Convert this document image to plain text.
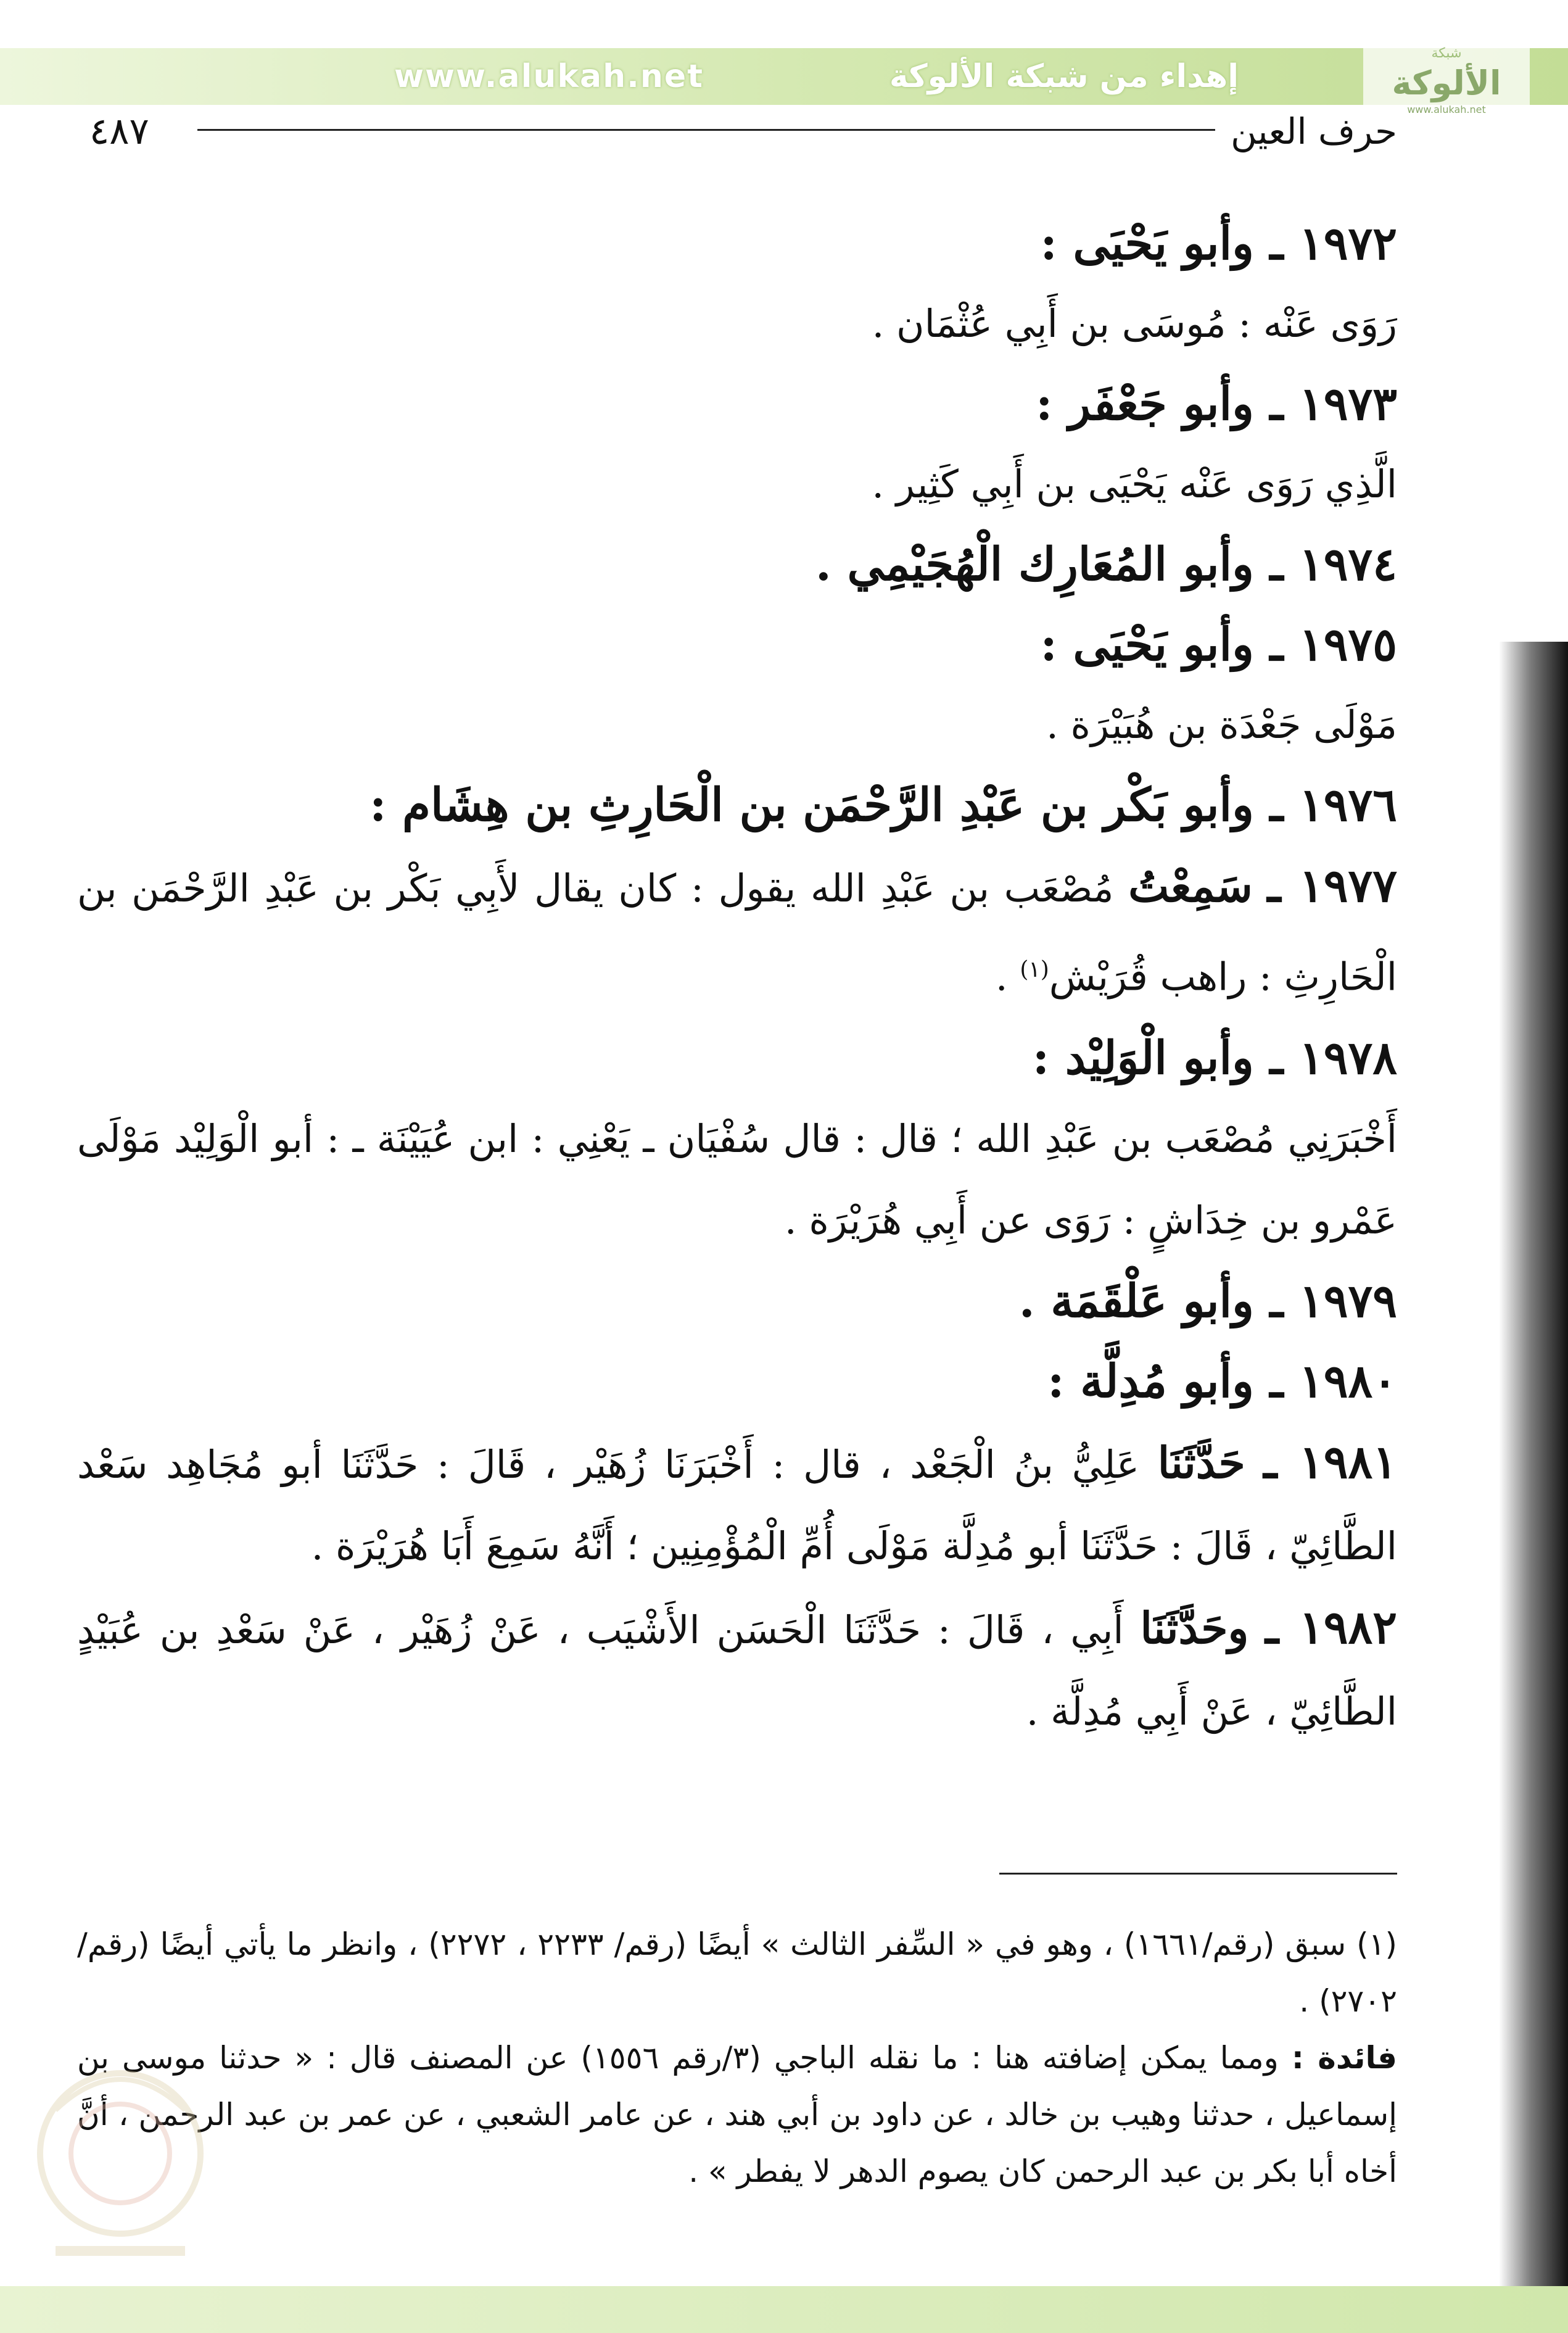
www.alukah.net	إهداء من شبكة الألوكة
شبكة
الألوكة
www.alukah.net
٤٨٧	حرف العين

١٩٧٢ ـ وأبو يَحْيَى :

رَوَى عَنْه : مُوسَى بن أَبِي عُثْمَان .

١٩٧٣ ـ وأبو جَعْفَر :

الَّذِي رَوَى عَنْه يَحْيَى بن أَبِي كَثِير .

١٩٧٤ ـ وأبو المُعَارِك الْهُجَيْمِي .

١٩٧٥ ـ وأبو يَحْيَى :

مَوْلَى جَعْدَة بن هُبَيْرَة .

١٩٧٦ ـ وأبو بَكْر بن عَبْدِ الرَّحْمَن بن الْحَارِثِ بن هِشَام :

١٩٧٧ ـ سَمِعْتُ مُصْعَب بن عَبْدِ الله يقول : كان يقال لأَبِي بَكْر بن عَبْدِ الرَّحْمَن بن الْحَارِثِ : راهب قُرَيْش$^{(١)}$ .

١٩٧٨ ـ وأبو الْوَلِيْد :

أَخْبَرَنِي مُصْعَب بن عَبْدِ الله ؛ قال : قال سُفْيَان ـ يَعْنِي : ابن عُيَيْنَة ـ : أبو الْوَلِيْد مَوْلَى عَمْرو بن خِدَاشٍ : رَوَى عن أَبِي هُرَيْرَة .

١٩٧٩ ـ وأبو عَلْقَمَة .

١٩٨٠ ـ وأبو مُدِلَّة :

١٩٨١ ـ حَدَّثَنَا عَلِيُّ بنُ الْجَعْد ، قال : أَخْبَرَنَا زُهَيْر ، قَالَ : حَدَّثَنَا أبو مُجَاهِد سَعْد الطَّائِيّ ، قَالَ : حَدَّثَنَا أبو مُدِلَّة مَوْلَى أُمِّ الْمُؤْمِنِين ؛ أَنَّهُ سَمِعَ أَبَا هُرَيْرَة .

١٩٨٢ ـ وحَدَّثَنَا أَبِي ، قَالَ : حَدَّثَنَا الْحَسَن الأَشْيَب ، عَنْ زُهَيْر ، عَنْ سَعْدِ بن عُبَيْدٍ الطَّائِيّ ، عَنْ أَبِي مُدِلَّة .

(١) سبق (رقم/١٦٦١) ، وهو في « السِّفر الثالث » أيضًا (رقم/ ٢٢٣٣ ، ٢٢٧٢) ، وانظر ما يأتي أيضًا (رقم/٢٧٠٢) .

فائدة : ومما يمكن إضافته هنا : ما نقله الباجي (٣/رقم ١٥٥٦) عن المصنف قال : « حدثنا موسى بن إسماعيل ، حدثنا وهيب بن خالد ، عن داود بن أبي هند ، عن عامر الشعبي ، عن عمر بن عبد الرحمن ، أنَّ أخاه أبا بكر بن عبد الرحمن كان يصوم الدهر لا يفطر » .
